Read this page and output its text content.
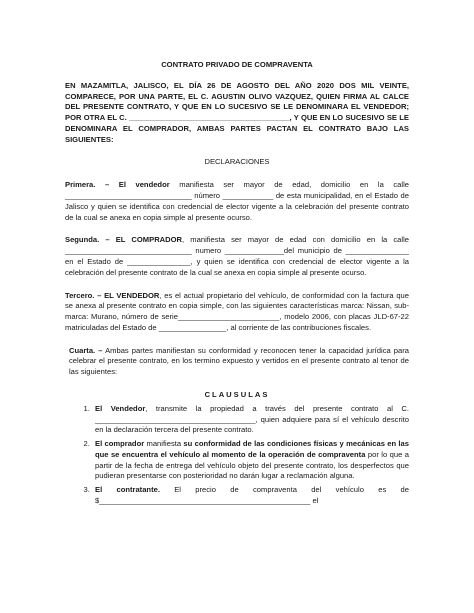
CONTRATO PRIVADO DE COMPRAVENTA

EN MAZAMITLA, JALISCO, EL DÍA 26 DE AGOSTO DEL AÑO 2020 DOS MIL VEINTE, COMPARECE, POR UNA PARTE, EL C. AGUSTIN OLIVO VAZQUEZ, QUIEN FIRMA AL CALCE DEL PRESENTE CONTRATO, Y QUE EN LO SUCESIVO SE LE DENOMINARA EL VENDEDOR; POR OTRA EL C. ______________________________________, Y QUE EN LO SUCESIVO SE LE DENOMINARA EL COMPRADOR, AMBAS PARTES PACTAN EL CONTRATO BAJO LAS SIGUIENTES:

DECLARACIONES

Primera. – El vendedor manifiesta ser mayor de edad, domicilio en la calle ______________________________ número ____________ de esta municipalidad, en el Estado de Jalisco y quien se identifica con credencial de elector vigente a la celebración del presente contrato de la cual se anexa en copia simple al presente ocurso.

Segunda. – EL COMPRADOR, manifiesta ser mayor de edad con domicilio en la calle ______________________________ numero ______________del municipio de _______________ en el Estado de _______________, y quien se identifica con credencial de elector vigente a la celebración del presente contrato de la cual se anexa en copia simple al presente ocurso.

Tercero. – EL VENDEDOR, es el actual propietario del vehículo, de conformidad con la factura que se anexa al presente contrato en copia simple, con las siguientes características marca: Nissan, sub-marca: Murano, número de serie________________________, modelo 2006, con placas JLD-67-22 matriculadas del Estado de ________________, al corriente de las contribuciones fiscales.

Cuarta. – Ambas partes manifiestan su conformidad y reconocen tener la capacidad jurídica para celebrar el presente contrato, en los termino expuesto y vertidos en el presente contrato al tenor de las siguientes:

CLAUSULAS

1. El Vendedor, transmite la propiedad a través del presente contrato al C. ______________________________________, quien adquiere para sí el vehículo descrito en la declaración tercera del presente contrato.
2. El comprador manifiesta su conformidad de las condiciones físicas y mecánicas en las que se encuentra el vehículo al momento de la operación de compraventa por lo que a partir de la fecha de entrega del vehículo objeto del presente contrato, los desperfectos que pudieran presentarse con posterioridad no darán lugar a reclamación alguna.
3. El contratante. El precio de compraventa del vehículo es de $__________________________________________________ el
